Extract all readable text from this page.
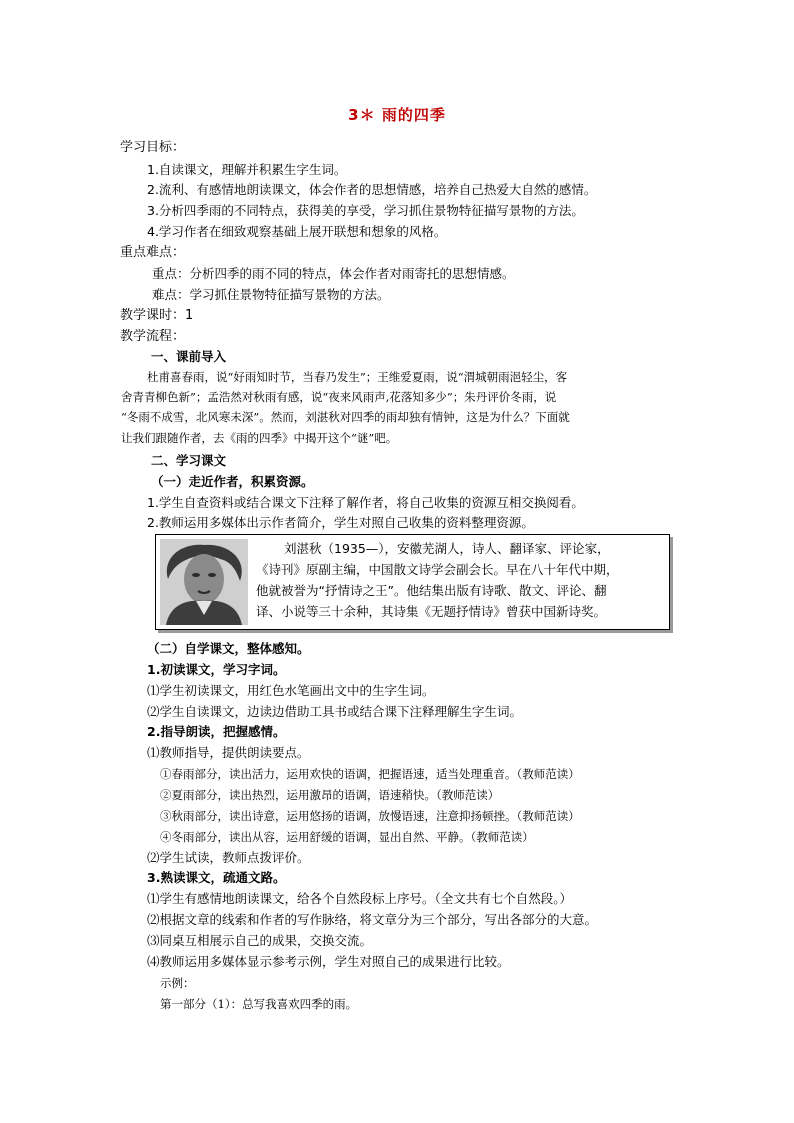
3＊ 雨的四季
学习目标：
1.自读课文，理解并积累生字生词。
2.流利、有感情地朗读课文，体会作者的思想情感，培养自己热爱大自然的感情。
3.分析四季雨的不同特点，获得美的享受，学习抓住景物特征描写景物的方法。
4.学习作者在细致观察基础上展开联想和想象的风格。
重点难点：
重点：分析四季的雨不同的特点，体会作者对雨寄托的思想情感。
难点：学习抓住景物特征描写景物的方法。
教学课时：1
教学流程：
一、课前导入
杜甫喜春雨，说“好雨知时节，当春乃发生”；王维爱夏雨，说“渭城朝雨浥轻尘，客
舍青青柳色新”；孟浩然对秋雨有感，说“夜来风雨声,花落知多少”；朱丹评价冬雨，说
“冬雨不成雪，北风寒未深”。然而，刘湛秋对四季的雨却独有情钟，这是为什么？下面就
让我们跟随作者，去《雨的四季》中揭开这个“谜”吧。
二、学习课文
（一）走近作者，积累资源。
1.学生自查资料或结合课文下注释了解作者，将自己收集的资源互相交换阅看。
2.教师运用多媒体出示作者简介，学生对照自己收集的资料整理资源。
刘湛秋（1935—），安徽芜湖人，诗人、翻译家、评论家，
《诗刊》原副主编，中国散文诗学会副会长。早在八十年代中期，
他就被誉为“抒情诗之王”。他结集出版有诗歌、散文、评论、翻
译、小说等三十余种，其诗集《无题抒情诗》曾获中国新诗奖。
（二）自学课文，整体感知。
1.初读课文，学习字词。
⑴学生初读课文，用红色水笔画出文中的生字生词。
⑵学生自读课文，边读边借助工具书或结合课下注释理解生字生词。
2.指导朗读，把握感情。
⑴教师指导，提供朗读要点。
①春雨部分，读出活力，运用欢快的语调，把握语速，适当处理重音。（教师范读）
②夏雨部分，读出热烈，运用激昂的语调，语速稍快。（教师范读）
③秋雨部分，读出诗意，运用悠扬的语调，放慢语速，注意抑扬顿挫。（教师范读）
④冬雨部分，读出从容，运用舒缓的语调，显出自然、平静。（教师范读）
⑵学生试读，教师点拨评价。
3.熟读课文，疏通文路。
⑴学生有感情地朗读课文，给各个自然段标上序号。（全文共有七个自然段。）
⑵根据文章的线索和作者的写作脉络，将文章分为三个部分，写出各部分的大意。
⑶同桌互相展示自己的成果，交换交流。
⑷教师运用多媒体显示参考示例，学生对照自己的成果进行比较。
示例：
第一部分（1）：总写我喜欢四季的雨。
